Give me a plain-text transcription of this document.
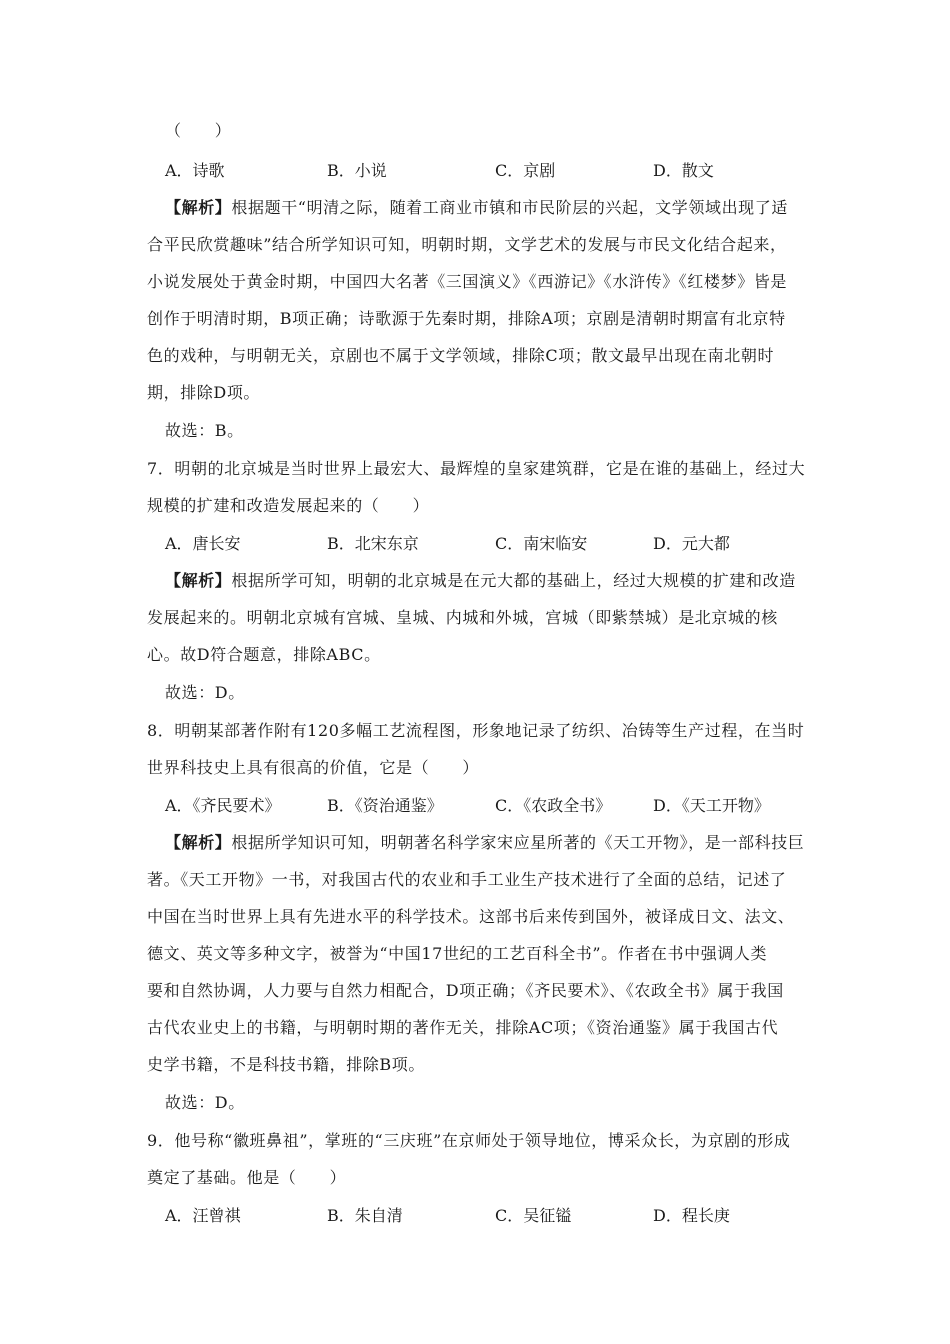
（　　）
A．诗歌	B．小说	C．京剧	D．散文
【解析】根据题干“明清之际，随着工商业市镇和市民阶层的兴起，文学领域出现了适
合平民欣赏趣味”结合所学知识可知，明朝时期，文学艺术的发展与市民文化结合起来，
小说发展处于黄金时期，中国四大名著《三国演义》《西游记》《水浒传》《红楼梦》皆是
创作于明清时期，B项正确；诗歌源于先秦时期，排除A项；京剧是清朝时期富有北京特
色的戏种，与明朝无关，京剧也不属于文学领域，排除C项；散文最早出现在南北朝时
期，排除D项。
故选：B。
7．明朝的北京城是当时世界上最宏大、最辉煌的皇家建筑群，它是在谁的基础上，经过大
规模的扩建和改造发展起来的（　　）
A．唐长安	B．北宋东京	C．南宋临安	D．元大都
【解析】根据所学可知，明朝的北京城是在元大都的基础上，经过大规模的扩建和改造
发展起来的。明朝北京城有宫城、皇城、内城和外城，宫城（即紫禁城）是北京城的核
心。故D符合题意，排除ABC。
故选：D。
8．明朝某部著作附有120多幅工艺流程图，形象地记录了纺织、冶铸等生产过程，在当时
世界科技史上具有很高的价值，它是（　　）
A．《齐民要术》	B．《资治通鉴》	C．《农政全书》	D．《天工开物》
【解析】根据所学知识可知，明朝著名科学家宋应星所著的《天工开物》，是一部科技巨
著。《天工开物》一书，对我国古代的农业和手工业生产技术进行了全面的总结，记述了
中国在当时世界上具有先进水平的科学技术。这部书后来传到国外，被译成日文、法文、
德文、英文等多种文字，被誉为“中国17世纪的工艺百科全书”。作者在书中强调人类
要和自然协调，人力要与自然力相配合，D项正确；《齐民要术》、《农政全书》属于我国
古代农业史上的书籍，与明朝时期的著作无关，排除AC项；《资治通鉴》属于我国古代
史学书籍，不是科技书籍，排除B项。
故选：D。
9．他号称“徽班鼻祖”，掌班的“三庆班”在京师处于领导地位，博采众长，为京剧的形成
奠定了基础。他是（　　）
A．汪曾祺	B．朱自清	C．吴征镒	D．程长庚
